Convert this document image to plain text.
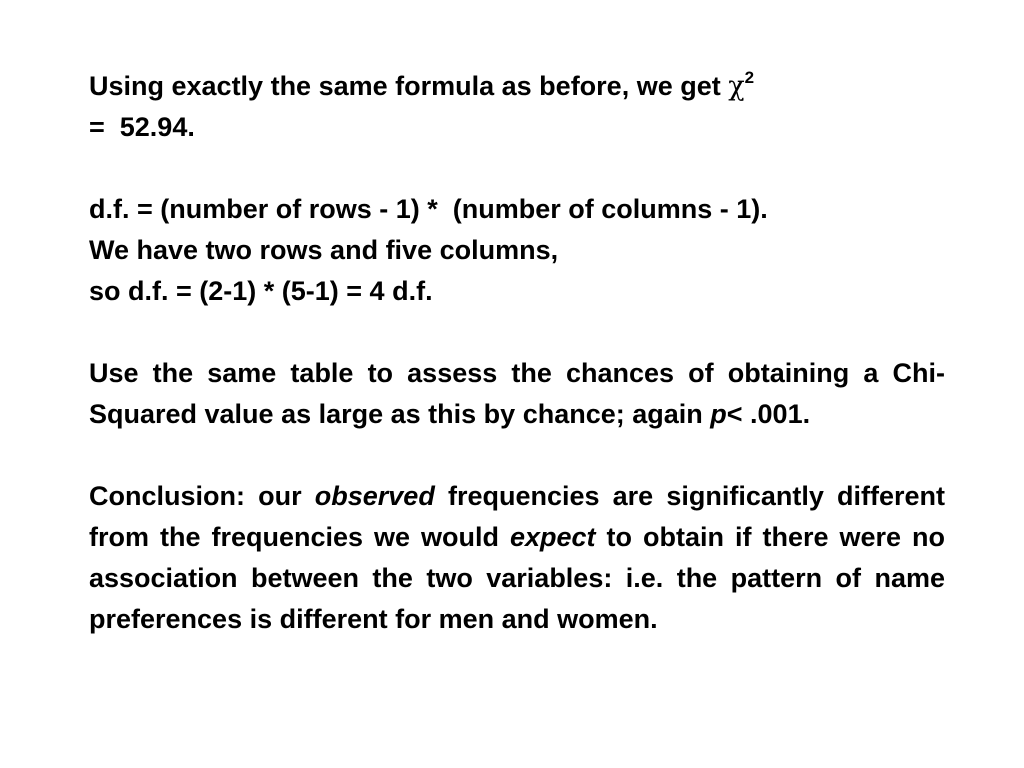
Using exactly the same formula as before, we get $\chi^2$
=  52.94.

d.f. = (number of rows - 1) *  (number of columns - 1).
We have two rows and five columns,
so d.f. = (2-1) * (5-1) = 4 d.f.

Use the same table to assess the chances of obtaining a Chi-Squared value as large as this by chance; again p< .001.

Conclusion: our observed frequencies are significantly different from the frequencies we would expect to obtain if there were no association between the two variables: i.e. the pattern of name preferences is different for men and women.
